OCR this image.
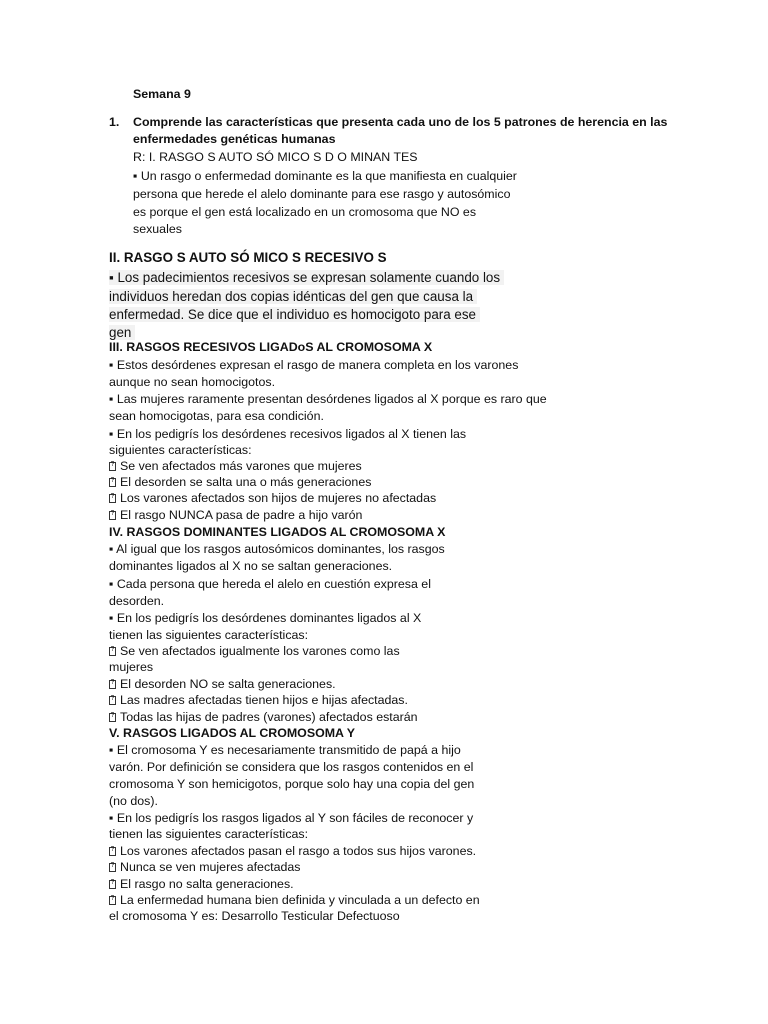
Semana 9
1. Comprende las características que presenta cada uno de los 5 patrones de herencia en las
enfermedades genéticas humanas
R: I. RASGO S AUTO SÓ MICO S D O MINAN TES
▪ Un rasgo o enfermedad dominante es la que manifiesta en cualquier
persona que herede el alelo dominante para ese rasgo y autosómico
es porque el gen está localizado en un cromosoma que NO es
sexuales
II. RASGO S AUTO SÓ MICO S RECESIVO S
▪ Los padecimientos recesivos se expresan solamente cuando los
individuos heredan dos copias idénticas del gen que causa la
enfermedad. Se dice que el individuo es homocigoto para ese
gen
III. RASGOS RECESIVOS LIGADoS AL CROMOSOMA X
▪ Estos desórdenes expresan el rasgo de manera completa en los varones
aunque no sean homocigotos.
▪ Las mujeres raramente presentan desórdenes ligados al X porque es raro que
sean homocigotas, para esa condición.
▪ En los pedigrís los desórdenes recesivos ligados al X tienen las
siguientes características:
?Se ven afectados más varones que mujeres
?El desorden se salta una o más generaciones
?Los varones afectados son hijos de mujeres no afectadas
?El rasgo NUNCA pasa de padre a hijo varón
IV. RASGOS DOMINANTES LIGADOS AL CROMOSOMA X
▪ Al igual que los rasgos autosómicos dominantes, los rasgos
dominantes ligados al X no se saltan generaciones.
▪ Cada persona que hereda el alelo en cuestión expresa el
desorden.
▪ En los pedigrís los desórdenes dominantes ligados al X
tienen las siguientes características:
?Se ven afectados igualmente los varones como las
mujeres
?El desorden NO se salta generaciones.
?Las madres afectadas tienen hijos e hijas afectadas.
?Todas las hijas de padres (varones) afectados estarán
V. RASGOS LIGADOS AL CROMOSOMA Y
▪ El cromosoma Y es necesariamente transmitido de papá a hijo
varón. Por definición se considera que los rasgos contenidos en el
cromosoma Y son hemicigotos, porque solo hay una copia del gen
(no dos).
▪ En los pedigrís los rasgos ligados al Y son fáciles de reconocer y
tienen las siguientes características:
?Los varones afectados pasan el rasgo a todos sus hijos varones.
?Nunca se ven mujeres afectadas
?El rasgo no salta generaciones.
?La enfermedad humana bien definida y vinculada a un defecto en
el cromosoma Y es: Desarrollo Testicular Defectuoso
